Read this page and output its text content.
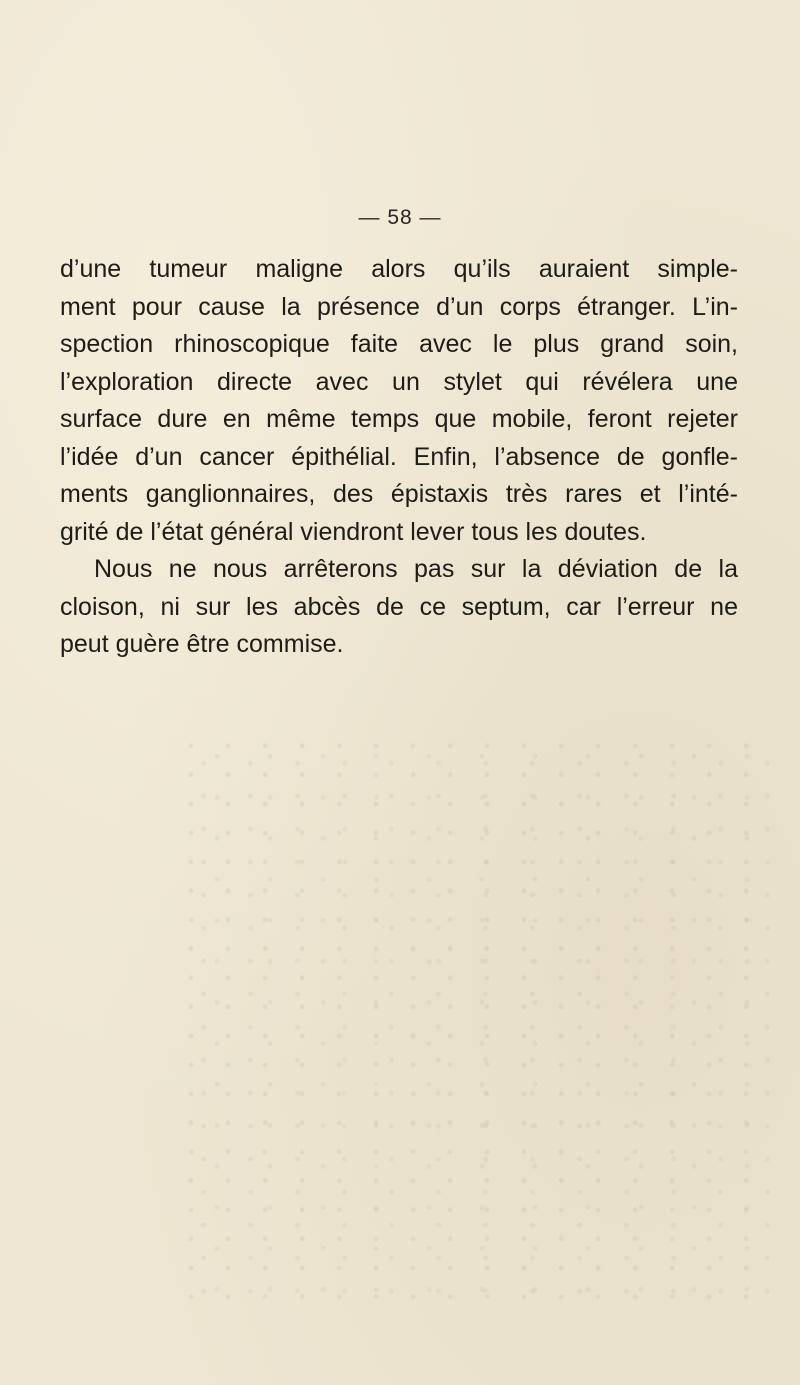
— 58 —
d’une tumeur maligne alors qu’ils auraient simple-
ment pour cause la présence d’un corps étranger. L’in-
spection rhinoscopique faite avec le plus grand soin,
l’exploration directe avec un stylet qui révélera une
surface dure en même temps que mobile, feront rejeter
l’idée d’un cancer épithélial. Enfin, l’absence de gonfle-
ments ganglionnaires, des épistaxis très rares et l’inté-
grité de l’état général viendront lever tous les doutes.
Nous ne nous arrêterons pas sur la déviation de la
cloison, ni sur les abcès de ce septum, car l’erreur ne
peut guère être commise.
